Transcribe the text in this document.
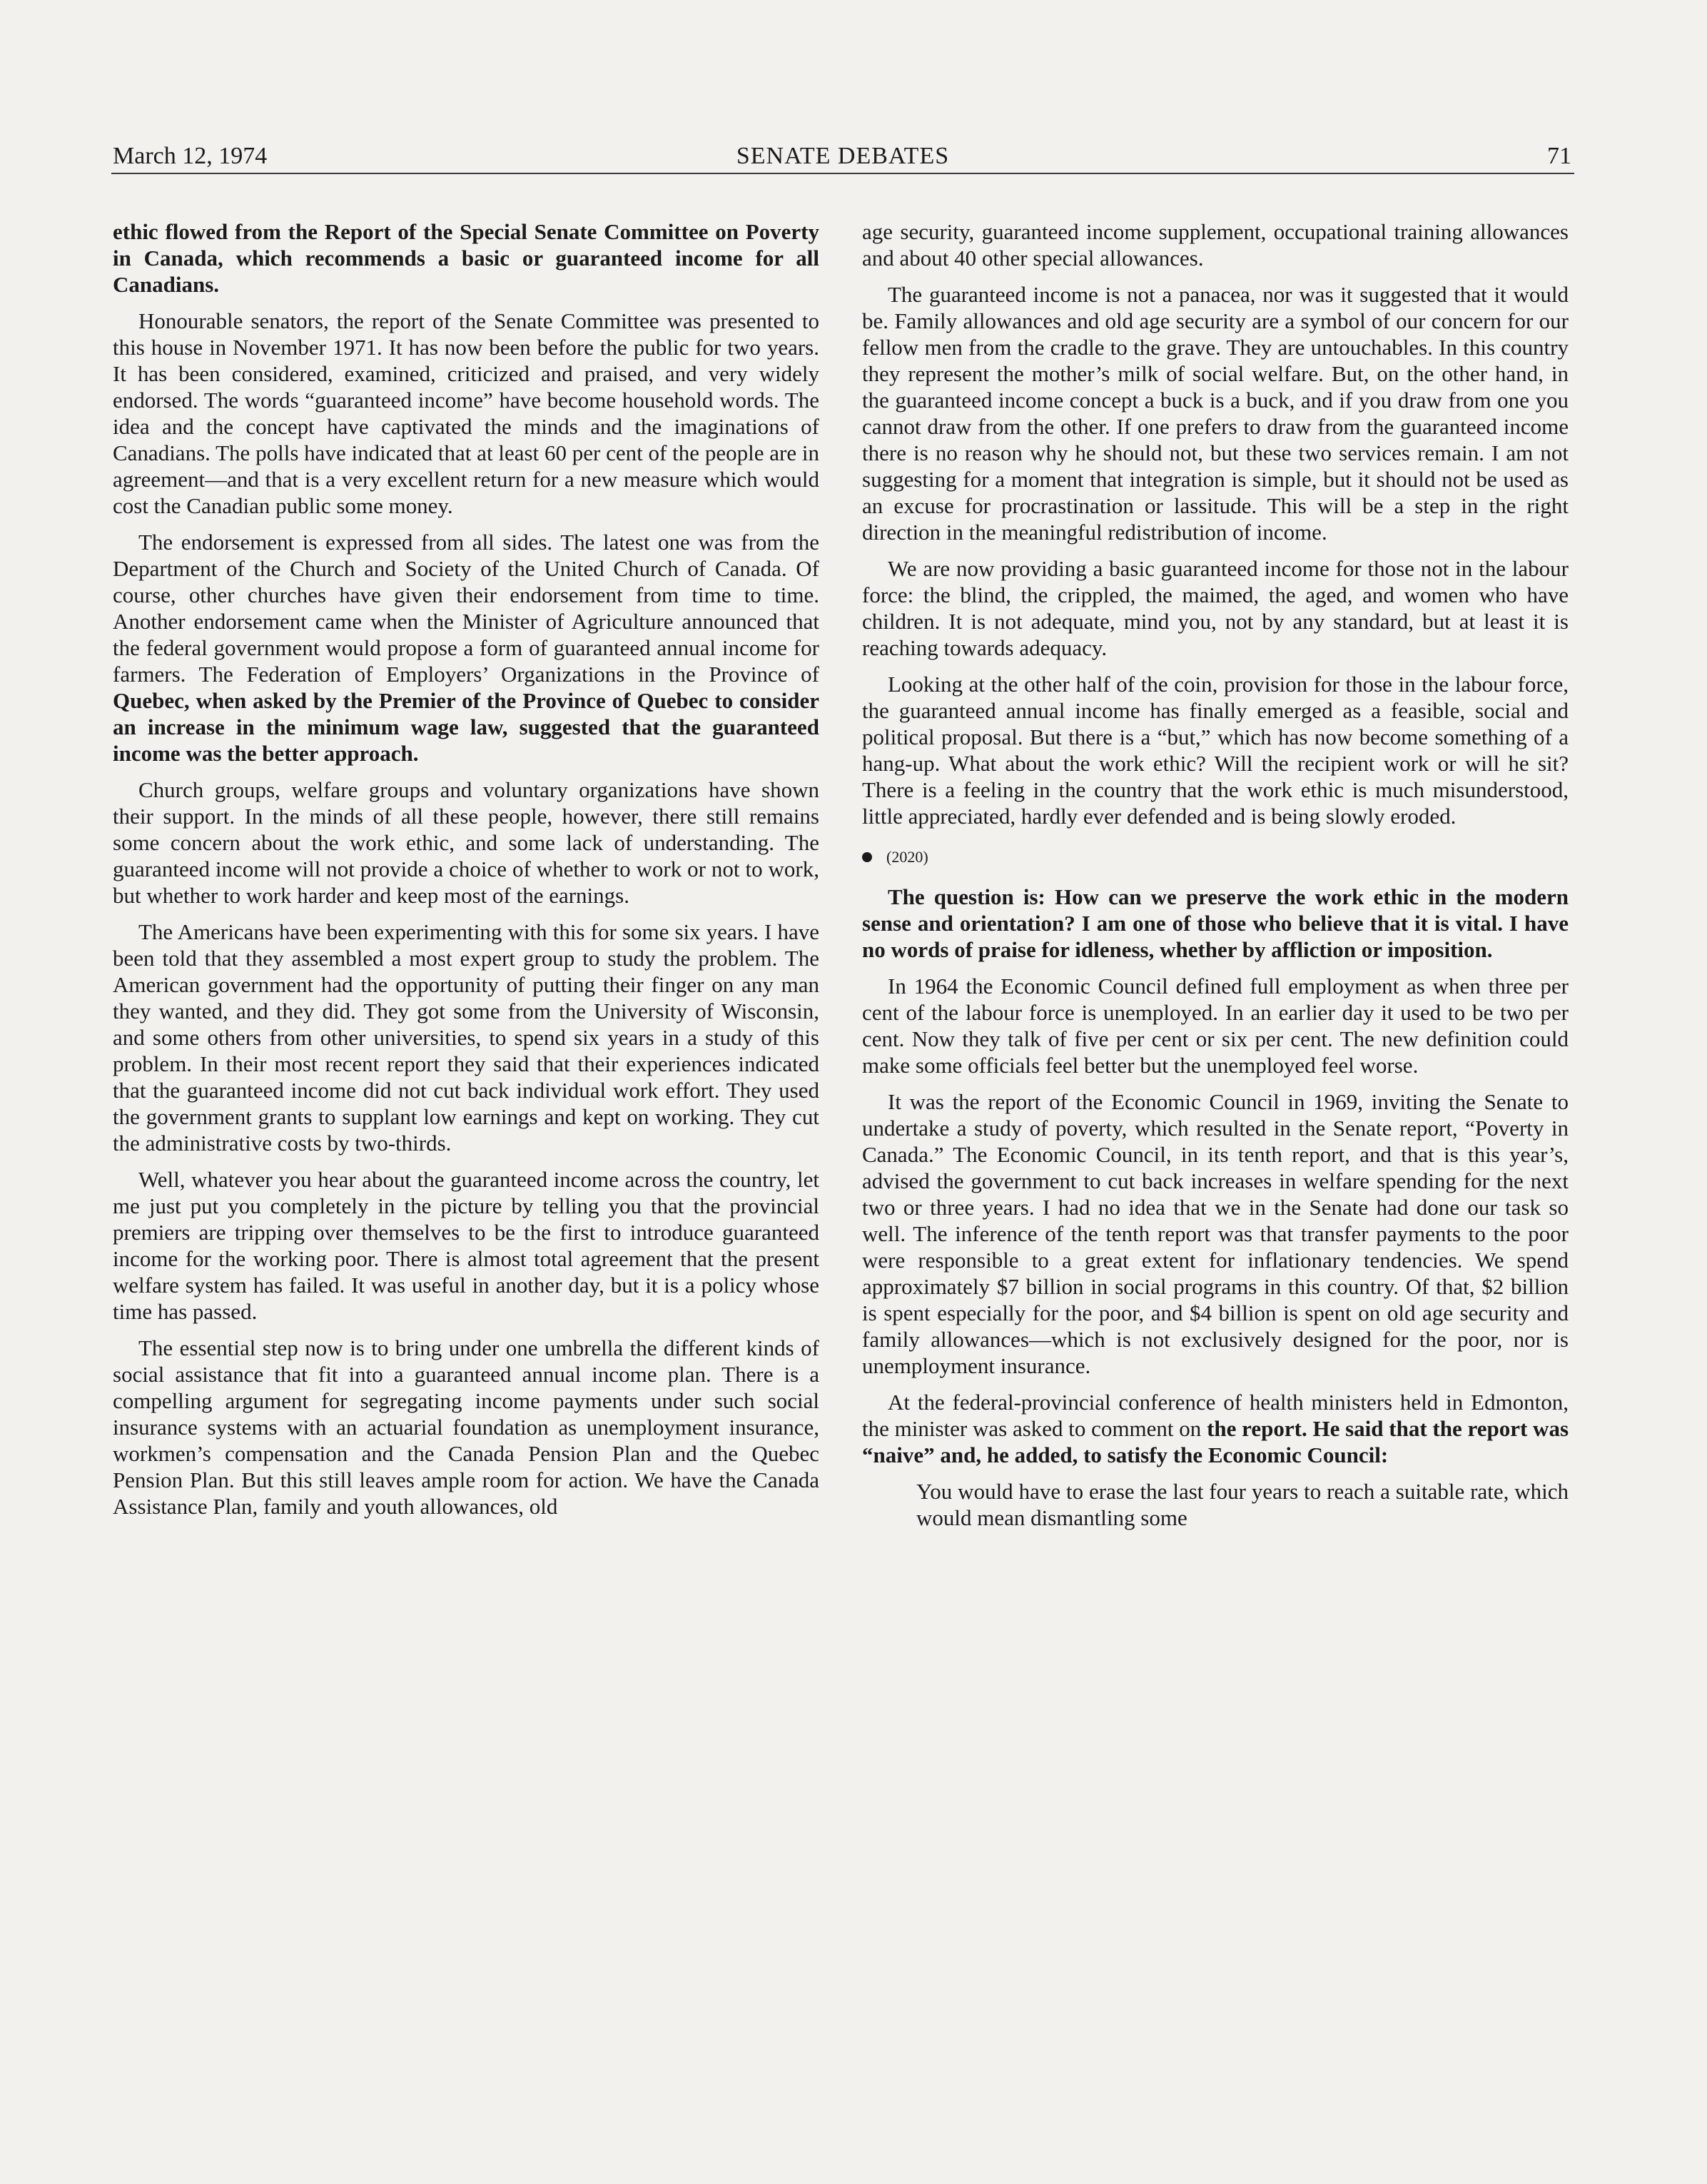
March 12, 1974	SENATE DEBATES	71

ethic flowed from the Report of the Special Senate Committee on Poverty in Canada, which recommends a basic or guaranteed income for all Canadians.

Honourable senators, the report of the Senate Committee was presented to this house in November 1971. It has now been before the public for two years. It has been considered, examined, criticized and praised, and very widely endorsed. The words “guaranteed income” have become household words. The idea and the concept have captivated the minds and the imaginations of Canadians. The polls have indicated that at least 60 per cent of the people are in agreement—and that is a very excellent return for a new measure which would cost the Canadian public some money.

The endorsement is expressed from all sides. The latest one was from the Department of the Church and Society of the United Church of Canada. Of course, other churches have given their endorsement from time to time. Another endorsement came when the Minister of Agriculture announced that the federal government would propose a form of guaranteed annual income for farmers. The Federation of Employers’ Organizations in the Province of Quebec, when asked by the Premier of the Province of Quebec to consider an increase in the minimum wage law, suggested that the guaranteed income was the better approach.

Church groups, welfare groups and voluntary organizations have shown their support. In the minds of all these people, however, there still remains some concern about the work ethic, and some lack of understanding. The guaranteed income will not provide a choice of whether to work or not to work, but whether to work harder and keep most of the earnings.

The Americans have been experimenting with this for some six years. I have been told that they assembled a most expert group to study the problem. The American government had the opportunity of putting their finger on any man they wanted, and they did. They got some from the University of Wisconsin, and some others from other universities, to spend six years in a study of this problem. In their most recent report they said that their experiences indicated that the guaranteed income did not cut back individual work effort. They used the government grants to supplant low earnings and kept on working. They cut the administrative costs by two-thirds.

Well, whatever you hear about the guaranteed income across the country, let me just put you completely in the picture by telling you that the provincial premiers are tripping over themselves to be the first to introduce guaranteed income for the working poor. There is almost total agreement that the present welfare system has failed. It was useful in another day, but it is a policy whose time has passed.

The essential step now is to bring under one umbrella the different kinds of social assistance that fit into a guaranteed annual income plan. There is a compelling argument for segregating income payments under such social insurance systems with an actuarial foundation as unemployment insurance, workmen’s compensation and the Canada Pension Plan and the Quebec Pension Plan. But this still leaves ample room for action. We have the Canada Assistance Plan, family and youth allowances, old

age security, guaranteed income supplement, occupational training allowances and about 40 other special allowances.

The guaranteed income is not a panacea, nor was it suggested that it would be. Family allowances and old age security are a symbol of our concern for our fellow men from the cradle to the grave. They are untouchables. In this country they represent the mother’s milk of social welfare. But, on the other hand, in the guaranteed income concept a buck is a buck, and if you draw from one you cannot draw from the other. If one prefers to draw from the guaranteed income there is no reason why he should not, but these two services remain. I am not suggesting for a moment that integration is simple, but it should not be used as an excuse for procrastination or lassitude. This will be a step in the right direction in the meaningful redistribution of income.

We are now providing a basic guaranteed income for those not in the labour force: the blind, the crippled, the maimed, the aged, and women who have children. It is not adequate, mind you, not by any standard, but at least it is reaching towards adequacy.

Looking at the other half of the coin, provision for those in the labour force, the guaranteed annual income has finally emerged as a feasible, social and political proposal. But there is a “but,” which has now become something of a hang-up. What about the work ethic? Will the recipient work or will he sit? There is a feeling in the country that the work ethic is much misunderstood, little appreciated, hardly ever defended and is being slowly eroded.

(2020)

The question is: How can we preserve the work ethic in the modern sense and orientation? I am one of those who believe that it is vital. I have no words of praise for idleness, whether by affliction or imposition.

In 1964 the Economic Council defined full employment as when three per cent of the labour force is unemployed. In an earlier day it used to be two per cent. Now they talk of five per cent or six per cent. The new definition could make some officials feel better but the unemployed feel worse.

It was the report of the Economic Council in 1969, inviting the Senate to undertake a study of poverty, which resulted in the Senate report, “Poverty in Canada.” The Economic Council, in its tenth report, and that is this year’s, advised the government to cut back increases in welfare spending for the next two or three years. I had no idea that we in the Senate had done our task so well. The inference of the tenth report was that transfer payments to the poor were responsible to a great extent for inflationary tendencies. We spend approximately $7 billion in social programs in this country. Of that, $2 billion is spent especially for the poor, and $4 billion is spent on old age security and family allowances—which is not exclusively designed for the poor, nor is unemployment insurance.

At the federal-provincial conference of health ministers held in Edmonton, the minister was asked to comment on the report. He said that the report was “naive” and, he added, to satisfy the Economic Council:

You would have to erase the last four years to reach a suitable rate, which would mean dismantling some
